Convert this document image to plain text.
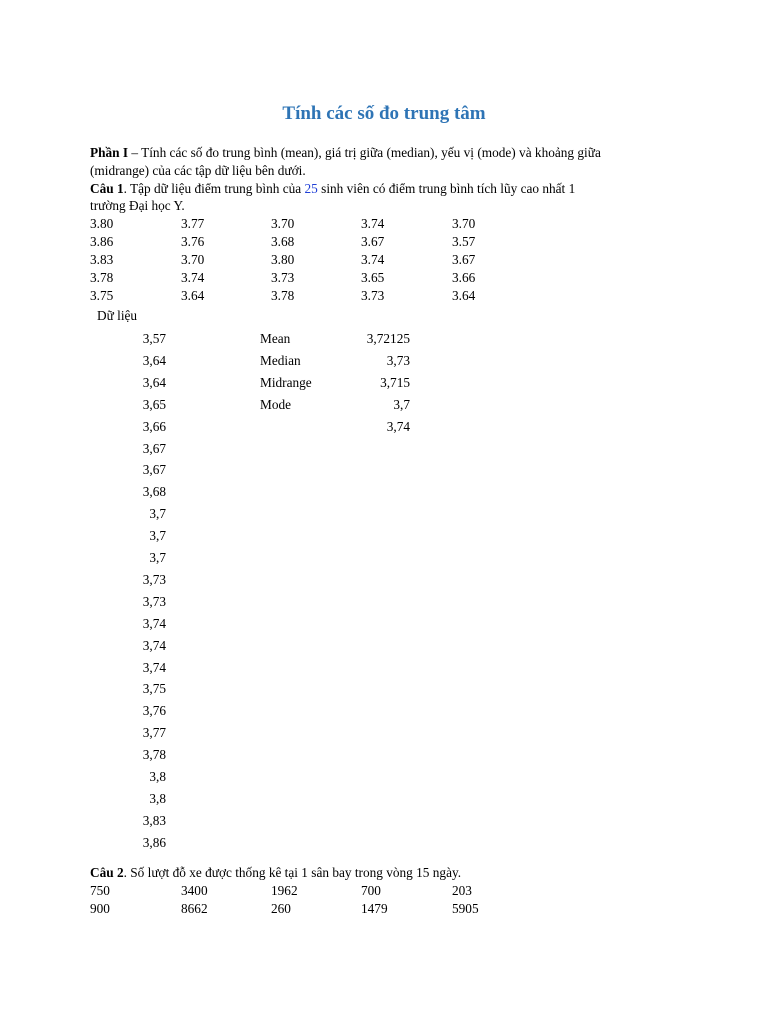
Tính các số đo trung tâm
Phần I – Tính các số đo trung bình (mean), giá trị giữa (median), yếu vị (mode) và khoảng giữa
(midrange) của các tập dữ liệu bên dưới.
Câu 1. Tập dữ liệu điểm trung bình của 25 sinh viên có điểm trung bình tích lũy cao nhất 1
trường Đại học Y.
3.80	3.77	3.70	3.74	3.70
3.86	3.76	3.68	3.67	3.57
3.83	3.70	3.80	3.74	3.67
3.78	3.74	3.73	3.65	3.66
3.75	3.64	3.78	3.73	3.64
Dữ liệu
3,57
3,64
3,64
3,65
3,66
3,67
3,67
3,68
3,7
3,7
3,7
3,73
3,73
3,74
3,74
3,74
3,75
3,76
3,77
3,78
3,8
3,8
3,83
3,86
Mean	3,72125
Median	3,73
Midrange	3,715
Mode	3,7
3,74
Câu 2. Số lượt đỗ xe được thống kê tại 1 sân bay trong vòng 15 ngày.
750	3400	1962	700	203
900	8662	260	1479	5905
